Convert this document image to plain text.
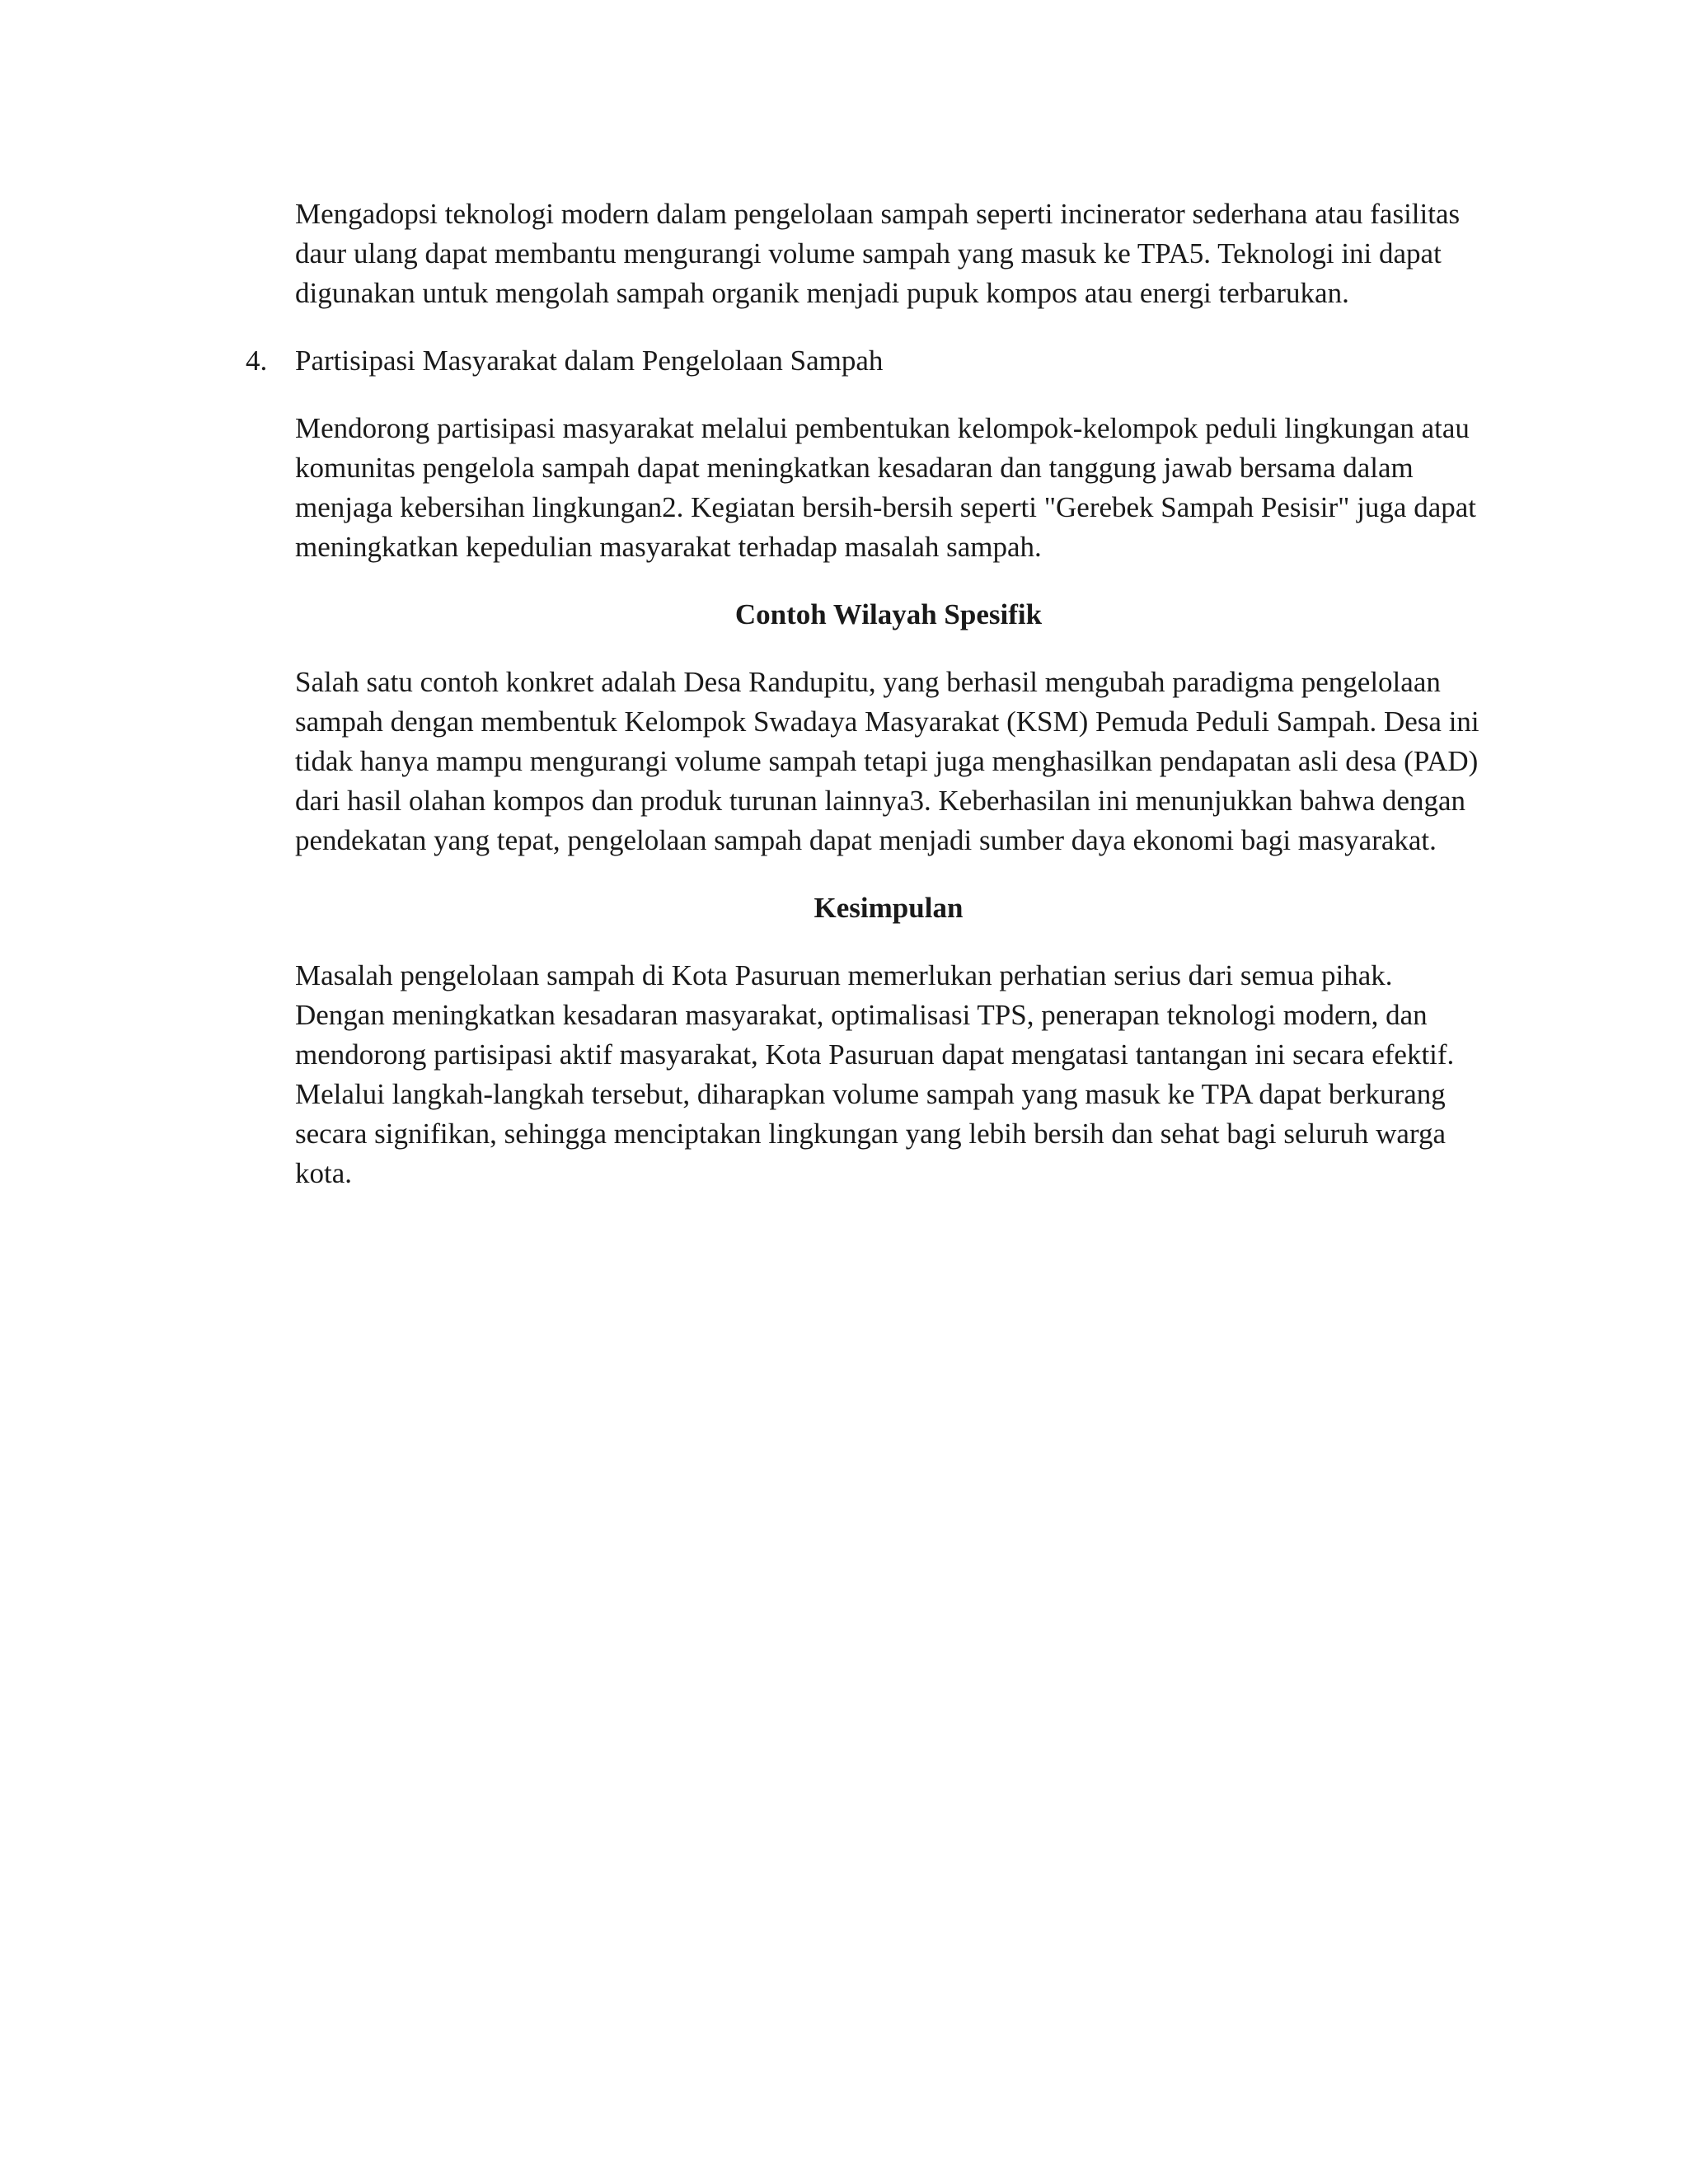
Mengadopsi teknologi modern dalam pengelolaan sampah seperti incinerator sederhana atau fasilitas daur ulang dapat membantu mengurangi volume sampah yang masuk ke TPA5. Teknologi ini dapat digunakan untuk mengolah sampah organik menjadi pupuk kompos atau energi terbarukan.

4. Partisipasi Masyarakat dalam Pengelolaan Sampah

Mendorong partisipasi masyarakat melalui pembentukan kelompok-kelompok peduli lingkungan atau komunitas pengelola sampah dapat meningkatkan kesadaran dan tanggung jawab bersama dalam menjaga kebersihan lingkungan2. Kegiatan bersih-bersih seperti "Gerebek Sampah Pesisir" juga dapat meningkatkan kepedulian masyarakat terhadap masalah sampah.

Contoh Wilayah Spesifik

Salah satu contoh konkret adalah Desa Randupitu, yang berhasil mengubah paradigma pengelolaan sampah dengan membentuk Kelompok Swadaya Masyarakat (KSM) Pemuda Peduli Sampah. Desa ini tidak hanya mampu mengurangi volume sampah tetapi juga menghasilkan pendapatan asli desa (PAD) dari hasil olahan kompos dan produk turunan lainnya3. Keberhasilan ini menunjukkan bahwa dengan pendekatan yang tepat, pengelolaan sampah dapat menjadi sumber daya ekonomi bagi masyarakat.

Kesimpulan

Masalah pengelolaan sampah di Kota Pasuruan memerlukan perhatian serius dari semua pihak. Dengan meningkatkan kesadaran masyarakat, optimalisasi TPS, penerapan teknologi modern, dan mendorong partisipasi aktif masyarakat, Kota Pasuruan dapat mengatasi tantangan ini secara efektif. Melalui langkah-langkah tersebut, diharapkan volume sampah yang masuk ke TPA dapat berkurang secara signifikan, sehingga menciptakan lingkungan yang lebih bersih dan sehat bagi seluruh warga kota.
